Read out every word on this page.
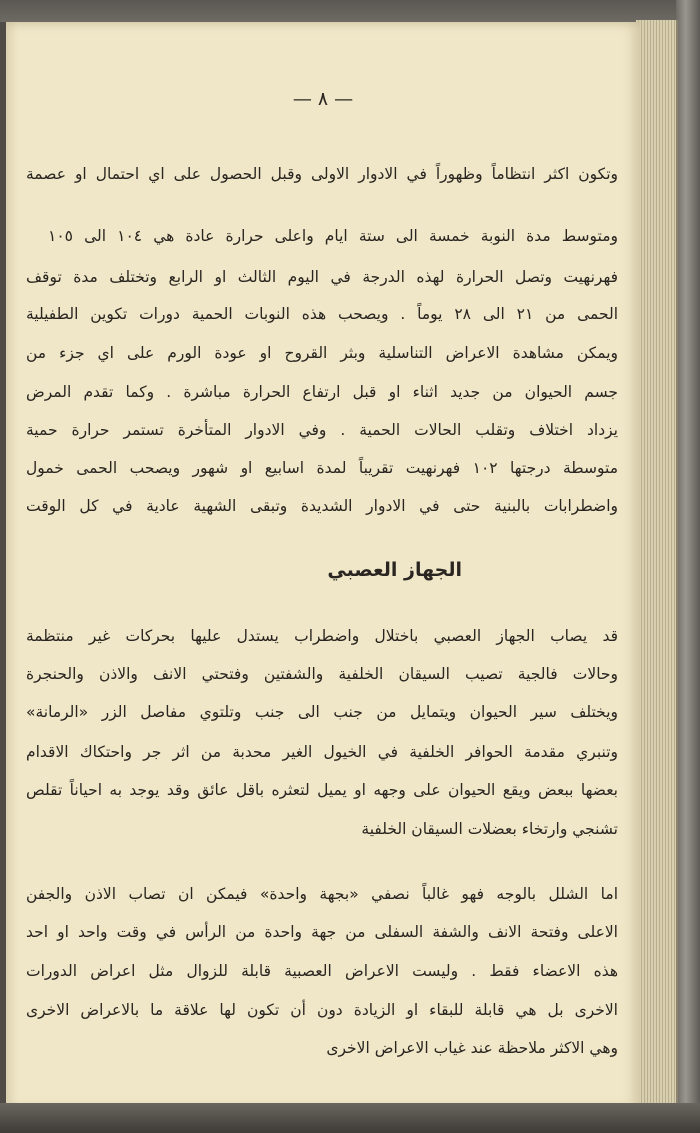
— ٨ —
وتكون اكثر انتظاماً وظهوراً في الادوار الاولى وقبل الحصول على اي احتمال او عصمة
ومتوسط مدة النوبة خمسة الى ستة ايام واعلى حرارة عادة هي ١٠٤ الى ١٠٥
فهرنهيت وتصل الحرارة لهذه الدرجة في اليوم الثالث او الرابع وتختلف مدة توقف
الحمى من ٢١ الى ٢٨ يوماً . ويصحب هذه النوبات الحمية دورات تكوين الطفيلية
ويمكن مشاهدة الاعراض التناسلية وبثر القروح او عودة الورم على اي جزء من
جسم الحيوان من جديد اثناء او قبل ارتفاع الحرارة مباشرة . وكما تقدم المرض
يزداد اختلاف وتقلب الحالات الحمية . وفي الادوار المتأخرة تستمر حرارة حمية
متوسطة درجتها ١٠٢ فهرنهيت تقريباً لمدة اسابيع او شهور ويصحب الحمى خمول
واضطرابات بالبنية حتى في الادوار الشديدة وتبقى الشهية عادية في كل الوقت
الجهاز العصبي
قد يصاب الجهاز العصبي باختلال واضطراب يستدل عليها بحركات غير منتظمة
وحالات فالجية تصيب السيقان الخلفية والشفتين وفتحتي الانف والاذن والحنجرة
ويختلف سير الحيوان ويتمايل من جنب الى جنب وتلتوي مفاصل الزر «الرمانة»
وتنبري مقدمة الحوافر الخلفية في الخيول الغير محدبة من اثر جر واحتكاك الاقدام
بعضها ببعض ويقع الحيوان على وجهه او يميل لتعثره باقل عائق وقد يوجد به احياناً تقلص
تشنجي وارتخاء بعضلات السيقان الخلفية
اما الشلل بالوجه فهو غالباً نصفي «بجهة واحدة» فيمكن ان تصاب الاذن والجفن
الاعلى وفتحة الانف والشفة السفلى من جهة واحدة من الرأس في وقت واحد او احد
هذه الاعضاء فقط . وليست الاعراض العصبية قابلة للزوال مثل اعراض الدورات
الاخرى بل هي قابلة للبقاء او الزيادة دون أن تكون لها علاقة ما بالاعراض الاخرى
وهي الاكثر ملاحظة عند غياب الاعراض الاخرى
